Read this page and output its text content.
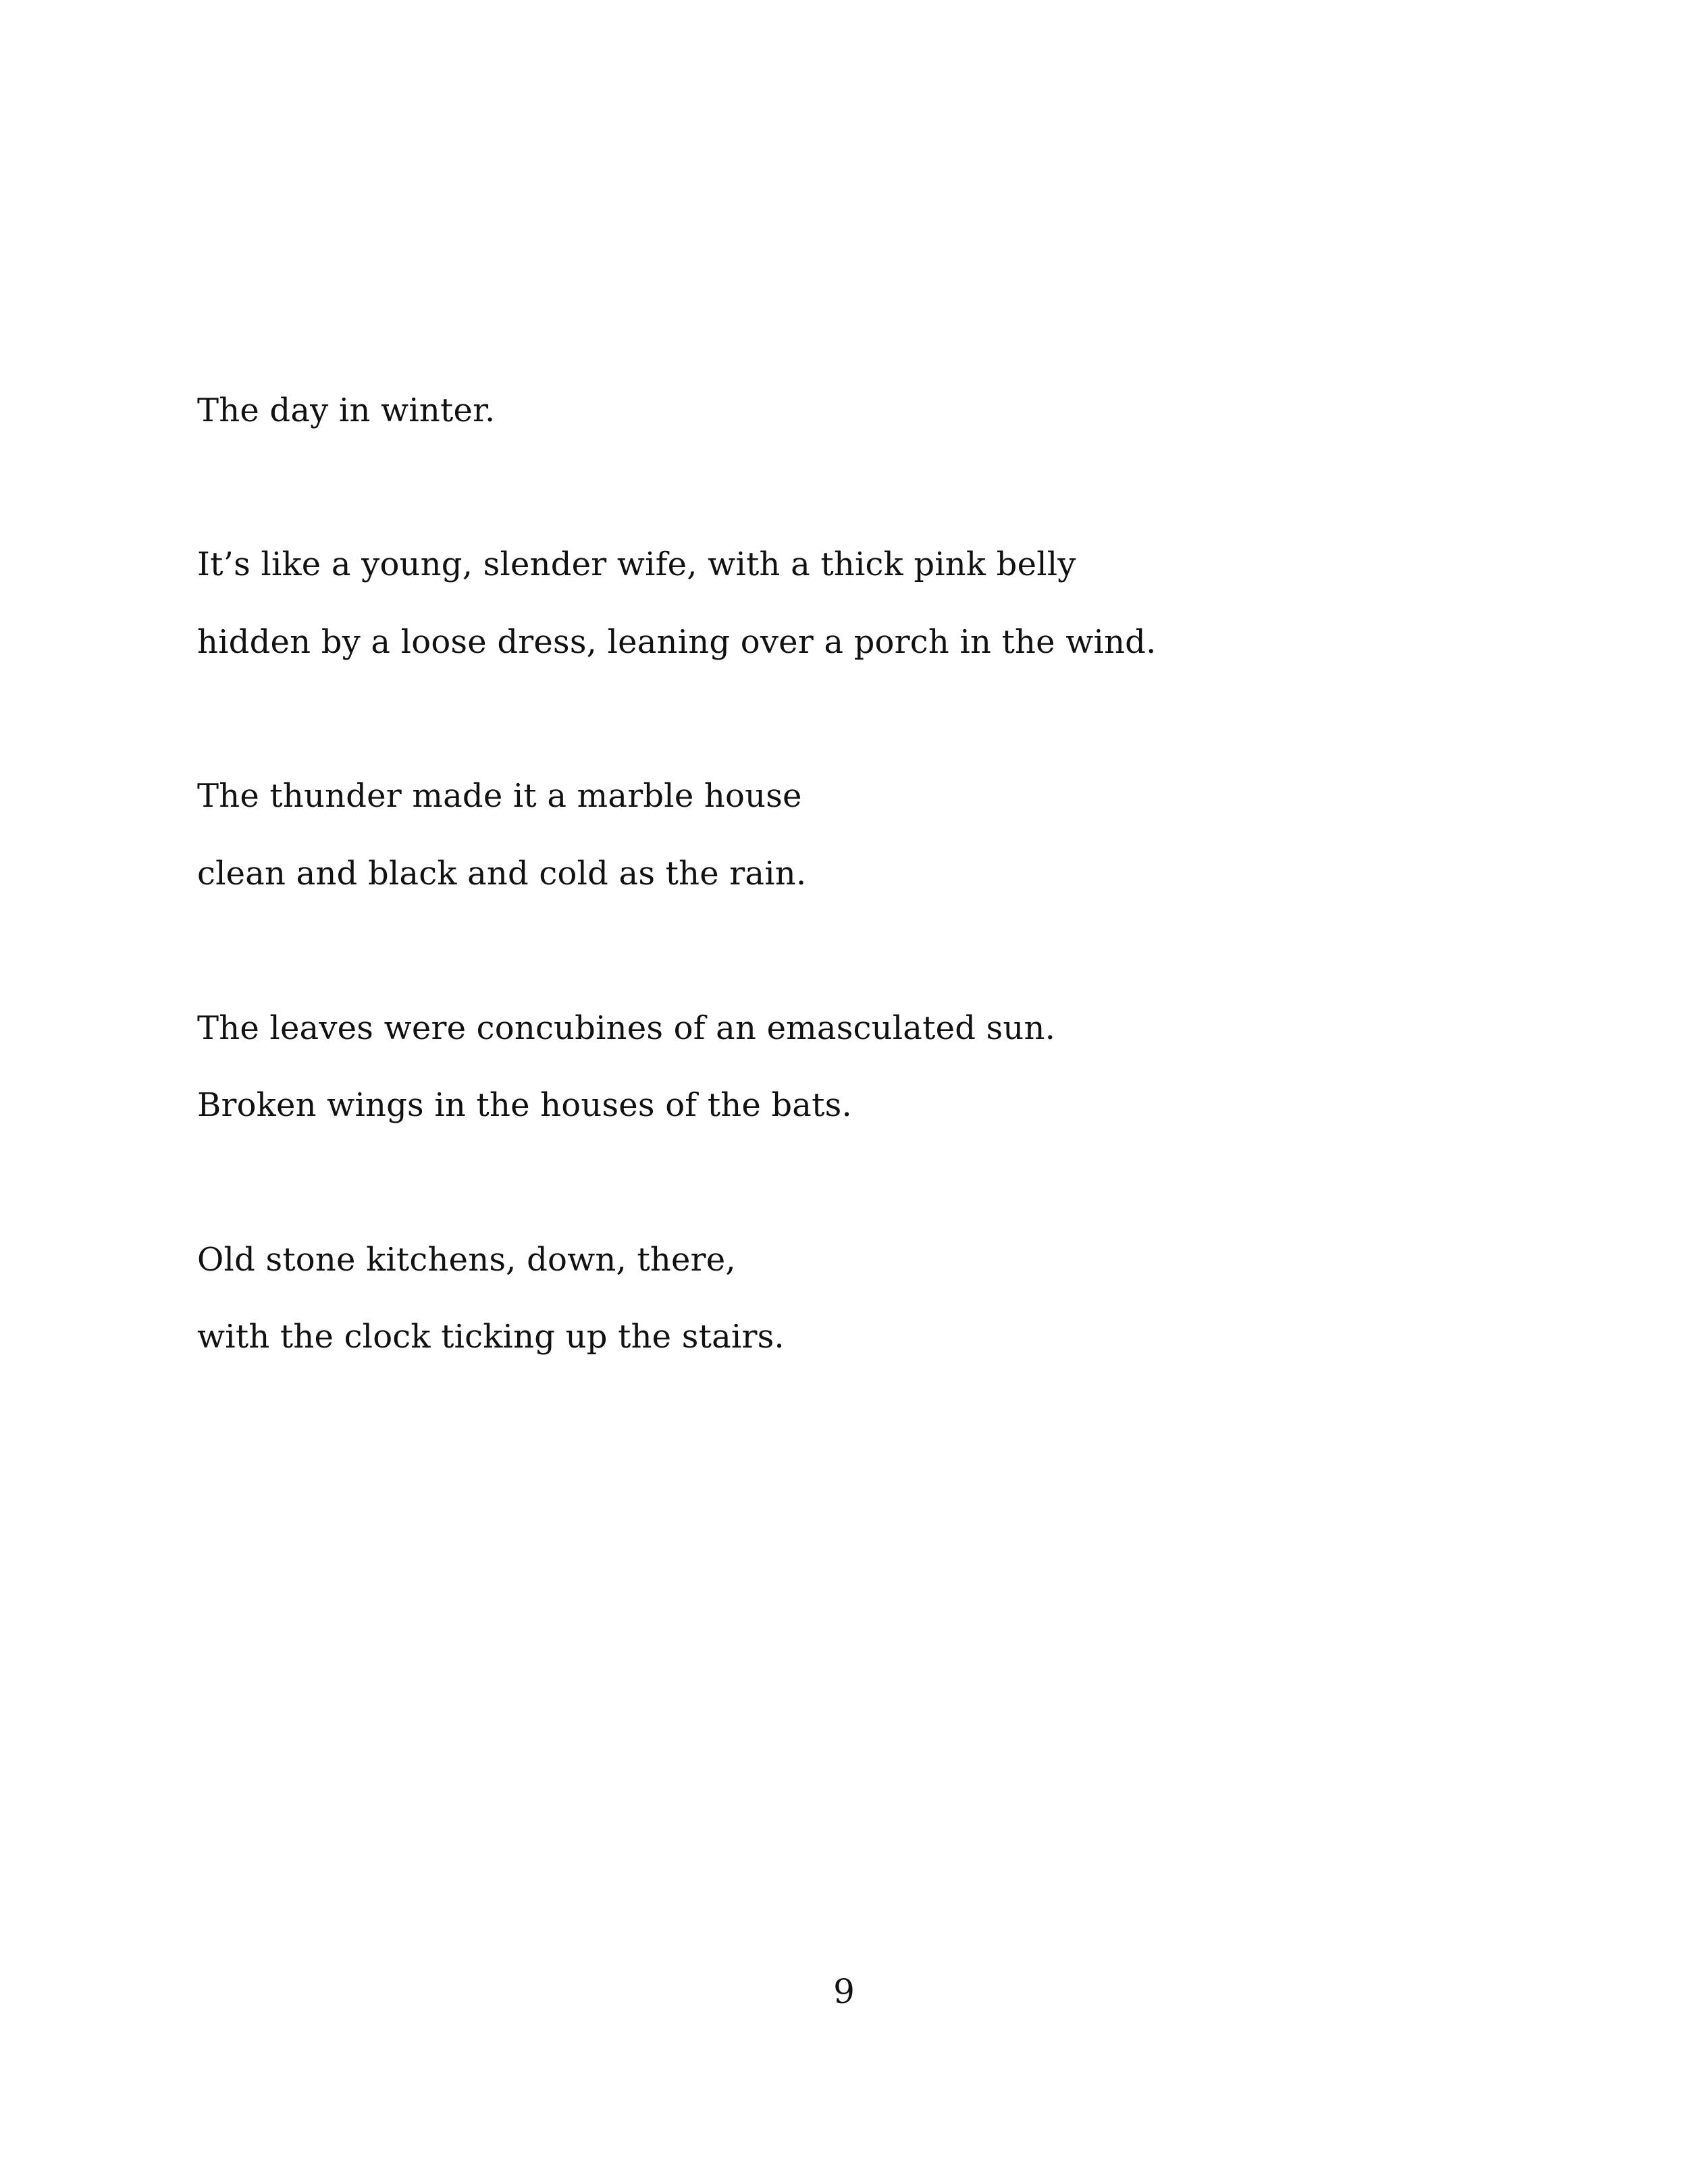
The day in winter.
It’s like a young, slender wife, with a thick pink belly
hidden by a loose dress, leaning over a porch in the wind.
The thunder made it a marble house
clean and black and cold as the rain.
The leaves were concubines of an emasculated sun.
Broken wings in the houses of the bats.
Old stone kitchens, down, there,
with the clock ticking up the stairs.
9
